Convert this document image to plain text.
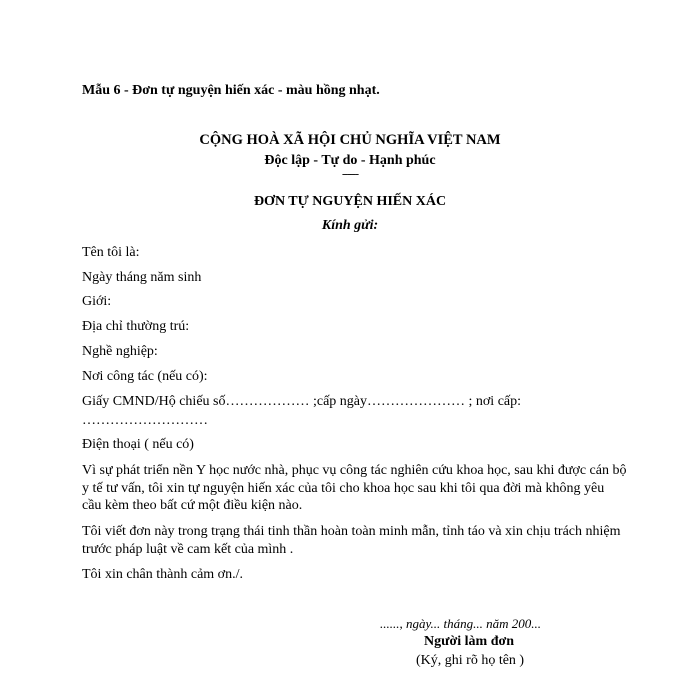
Mẫu 6 - Đơn tự nguyện hiến xác - màu hồng nhạt.
CỘNG HOÀ XÃ HỘI CHỦ NGHĨA VIỆT NAM
Độc lập - Tự do - Hạnh phúc
------
ĐƠN TỰ NGUYỆN HIẾN XÁC
Kính gửi:
Tên tôi là:
Ngày tháng năm sinh
Giới:
Địa chỉ thường trú:
Nghề nghiệp:
Nơi công tác (nếu có):
Giấy CMND/Hộ chiếu số……………… ;cấp ngày………………… ; nơi cấp:
………………………
Điện thoại ( nếu có)
Vì sự phát triển nền Y học nước nhà, phục vụ công tác nghiên cứu khoa học, sau khi được cán bộ y tế tư vấn, tôi xin tự nguyện hiến xác của tôi cho khoa học sau khi tôi qua đời mà không yêu cầu kèm theo bất cứ một điều kiện nào.
Tôi viết đơn này trong trạng thái tinh thần hoàn toàn minh mẫn, tỉnh táo và xin chịu trách nhiệm trước pháp luật về cam kết của mình .
Tôi xin chân thành cảm ơn./.
......, ngày... tháng... năm 200...
Người làm đơn
(Ký, ghi rõ họ tên )
